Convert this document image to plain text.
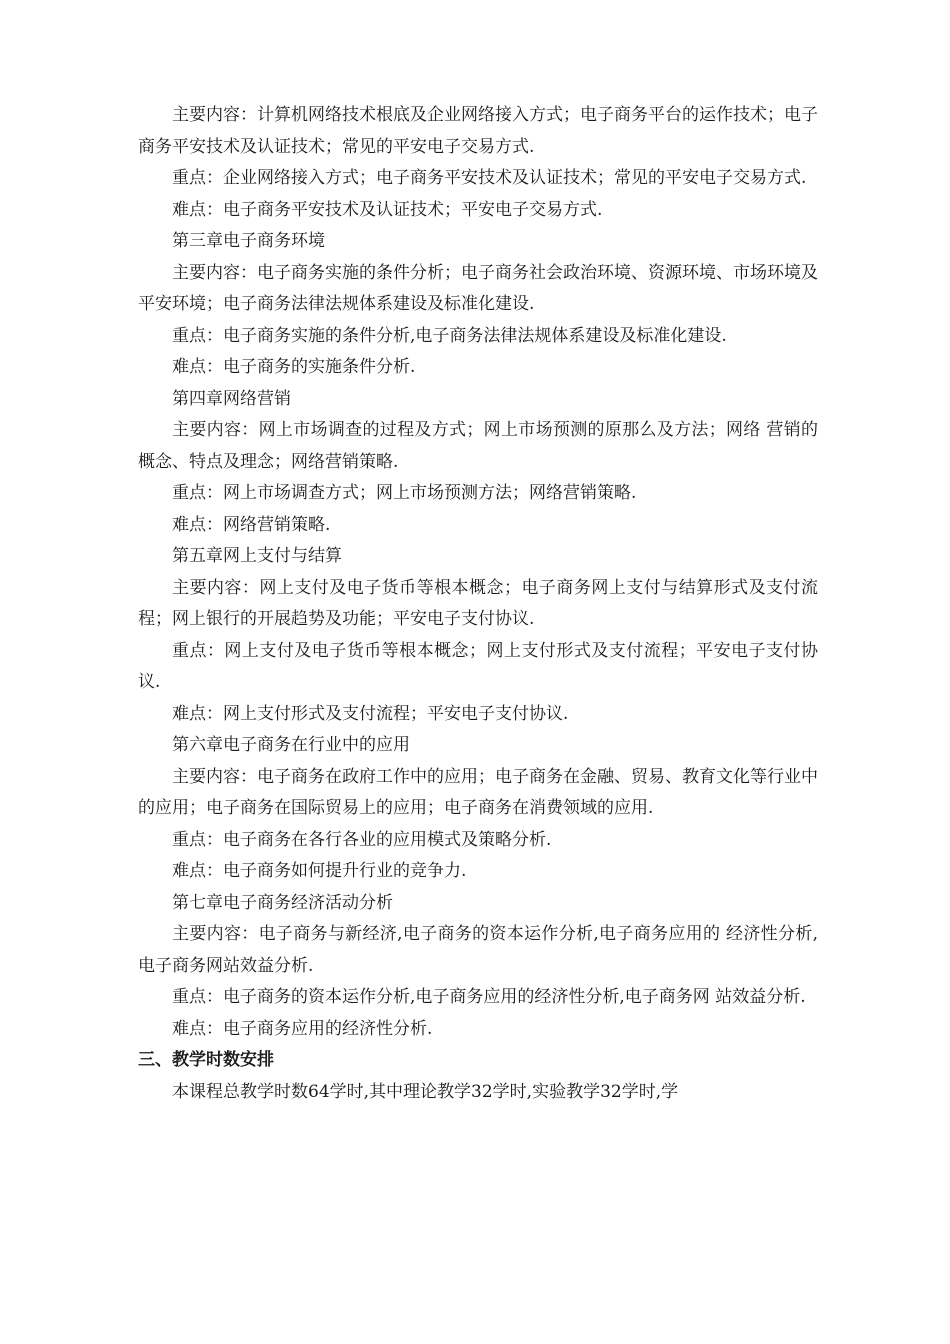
主要内容：计算机网络技术根底及企业网络接入方式；电子商务平台的运作技术；电子商务平安技术及认证技术；常见的平安电子交易方式.

重点：企业网络接入方式；电子商务平安技术及认证技术；常见的平安电子交易方式.

难点：电子商务平安技术及认证技术；平安电子交易方式.

第三章电子商务环境

主要内容：电子商务实施的条件分析；电子商务社会政治环境、资源环境、市场环境及平安环境；电子商务法律法规体系建设及标准化建设.

重点：电子商务实施的条件分析,电子商务法律法规体系建设及标准化建设.

难点：电子商务的实施条件分析.

第四章网络营销

主要内容：网上市场调查的过程及方式；网上市场预测的原那么及方法；网络 营销的概念、特点及理念；网络营销策略.

重点：网上市场调查方式；网上市场预测方法；网络营销策略.

难点：网络营销策略.

第五章网上支付与结算

主要内容：网上支付及电子货币等根本概念；电子商务网上支付与结算形式及支付流程；网上银行的开展趋势及功能；平安电子支付协议.

重点：网上支付及电子货币等根本概念；网上支付形式及支付流程；平安电子支付协议.

难点：网上支付形式及支付流程；平安电子支付协议.

第六章电子商务在行业中的应用

主要内容：电子商务在政府工作中的应用；电子商务在金融、贸易、教育文化等行业中的应用；电子商务在国际贸易上的应用；电子商务在消费领域的应用.

重点：电子商务在各行各业的应用模式及策略分析.

难点：电子商务如何提升行业的竞争力.

第七章电子商务经济活动分析

主要内容：电子商务与新经济,电子商务的资本运作分析,电子商务应用的 经济性分析,电子商务网站效益分析.

重点：电子商务的资本运作分析,电子商务应用的经济性分析,电子商务网 站效益分析.

难点：电子商务应用的经济性分析.

三、教学时数安排

本课程总教学时数64学时,其中理论教学32学时,实验教学32学时,学
